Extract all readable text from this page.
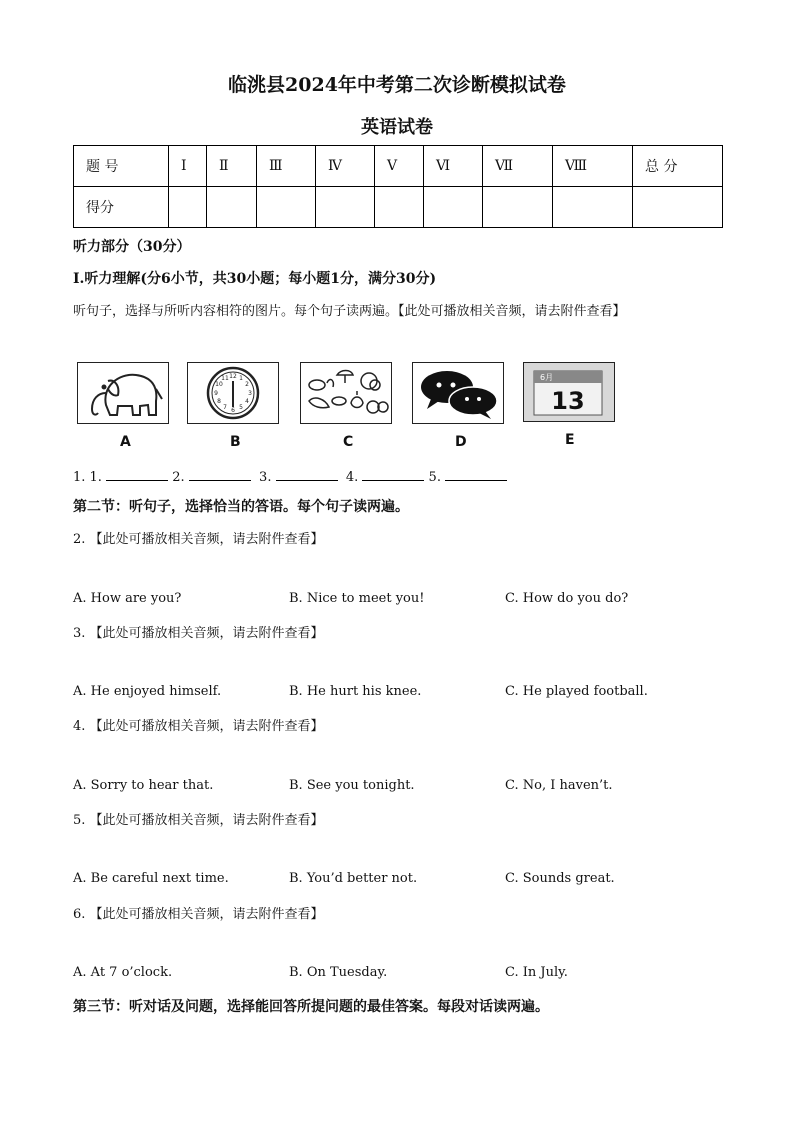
临洮县2024年中考第二次诊断模拟试卷
英语试卷
题 号	Ⅰ	Ⅱ	Ⅲ	Ⅳ	Ⅴ	Ⅵ	Ⅶ	Ⅷ	总 分
得分									
听力部分（30分）
Ⅰ.听力理解(分6小节，共30小题；每小题1分，满分30分)
听句子，选择与所听内容相符的图片。每个句子读两遍。【此处可播放相关音频，请去附件查看】
A
12 1
2
3
4
5
6
7
8
9
10
11
B	C	D
6月
13
E
1. 1.	2.	3.	4.	5.
第二节：听句子，选择恰当的答语。每个句子读两遍。
2. 【此处可播放相关音频，请去附件查看】
A. How are you?	B. Nice to meet you!	C. How do you do?
3. 【此处可播放相关音频，请去附件查看】
A. He enjoyed himself.	B. He hurt his knee.	C. He played football.
4. 【此处可播放相关音频，请去附件查看】
A. Sorry to hear that.	B. See you tonight.	C. No, I haven’t.
5. 【此处可播放相关音频，请去附件查看】
A. Be careful next time.	B. You’d better not.	C. Sounds great.
6. 【此处可播放相关音频，请去附件查看】
A. At 7 o’clock.	B. On Tuesday.	C. In July.
第三节：听对话及问题，选择能回答所提问题的最佳答案。每段对话读两遍。
